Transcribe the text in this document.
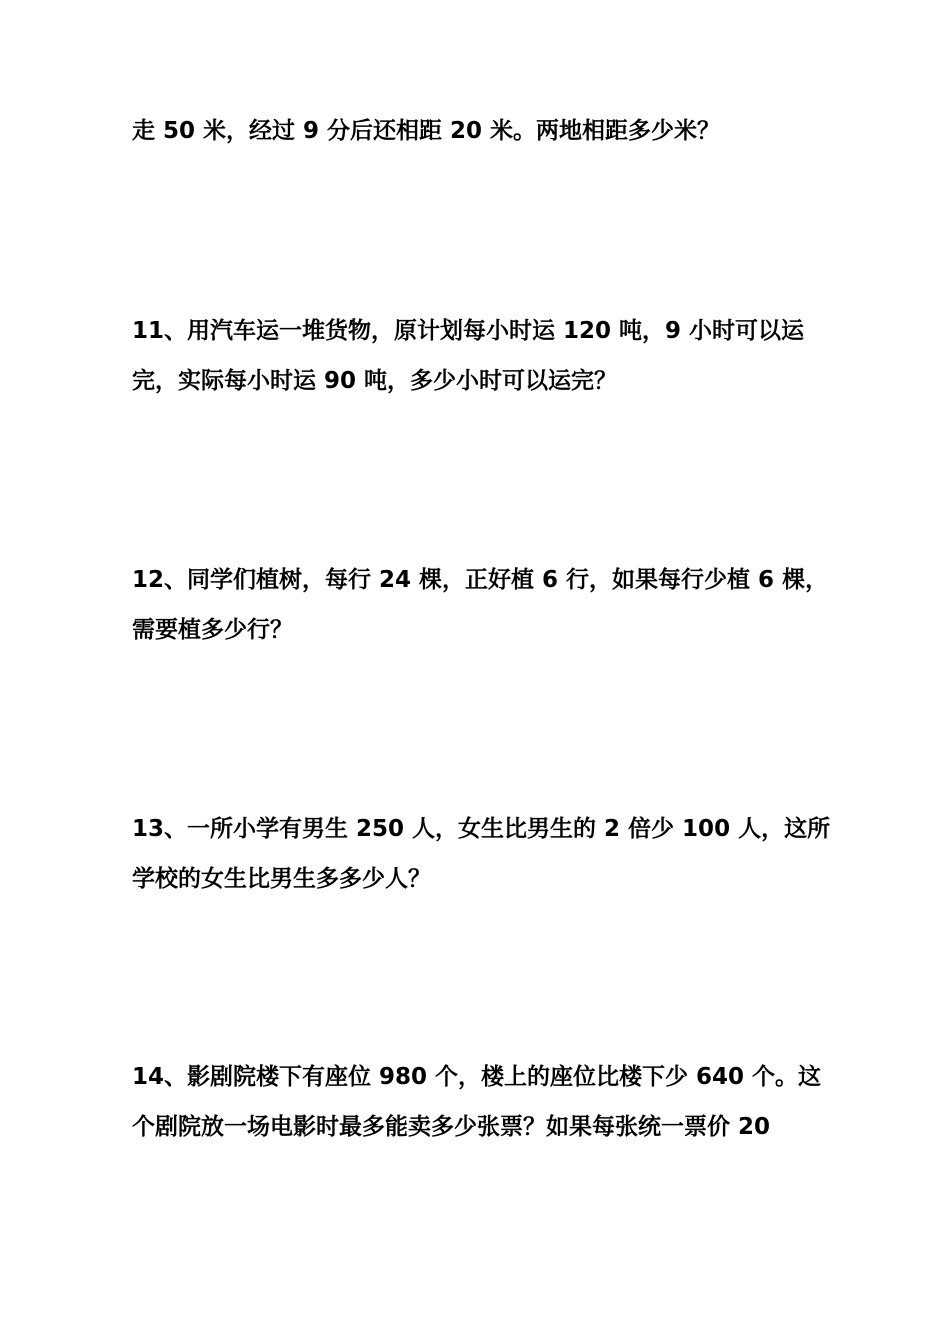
走 50 米，经过 9 分后还相距 20 米。两地相距多少米？
11、用汽车运一堆货物，原计划每小时运 120 吨，9 小时可以运
完，实际每小时运 90 吨，多少小时可以运完？
12、同学们植树，每行 24 棵，正好植 6 行，如果每行少植 6 棵，
需要植多少行？
13、一所小学有男生 250 人，女生比男生的 2 倍少 100 人，这所
学校的女生比男生多多少人？
14、影剧院楼下有座位 980 个，楼上的座位比楼下少 640 个。这
个剧院放一场电影时最多能卖多少张票？如果每张统一票价 20
